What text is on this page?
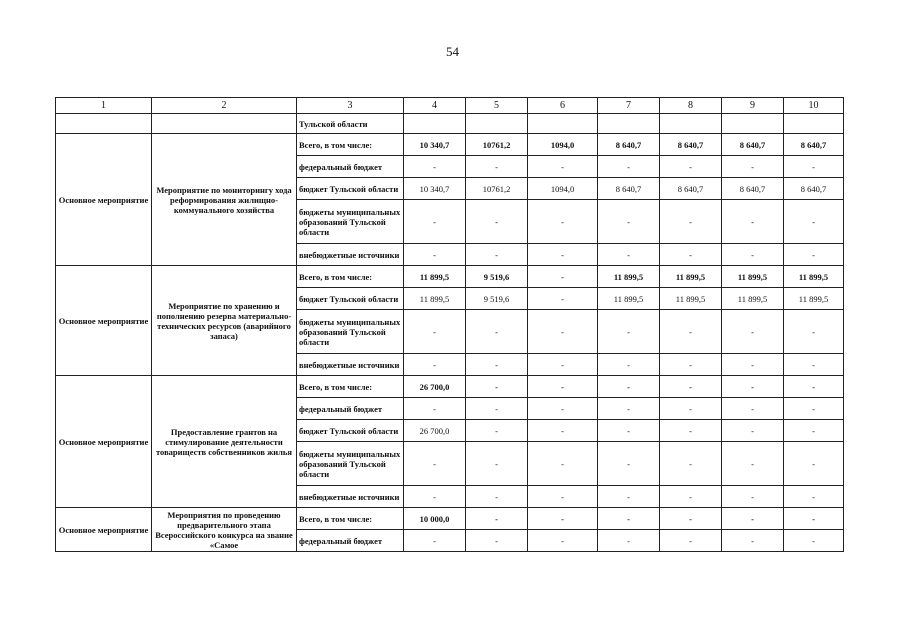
54
1	2	3	4	5	6	7	8	9	10
		Тульской области							
Основное мероприятие	Мероприятие по мониторингу хода реформирования жилищно-коммунального хозяйства	Всего, в том числе:	10 340,7	10761,2	1094,0	8 640,7	8 640,7	8 640,7	8 640,7
		федеральный бюджет	-	-	-	-	-	-	-
		бюджет Тульской области	10 340,7	10761,2	1094,0	8 640,7	8 640,7	8 640,7	8 640,7
		бюджеты муниципальных образований Тульской области	-	-	-	-	-	-	-
		внебюджетные источники	-	-	-	-	-	-	-
Основное мероприятие	Мероприятие по хранению и пополнению резерва материально-технических ресурсов (аварийного запаса)	Всего, в том числе:	11 899,5	9 519,6	-	11 899,5	11 899,5	11 899,5	11 899,5
		бюджет Тульской области	11 899,5	9 519,6	-	11 899,5	11 899,5	11 899,5	11 899,5
		бюджеты муниципальных образований Тульской области	-	-	-	-	-	-	-
		внебюджетные источники	-	-	-	-	-	-	-
Основное мероприятие	Предоставление грантов на стимулирование деятельности товариществ собственников жилья	Всего, в том числе:	26 700,0	-	-	-	-	-	-
		федеральный бюджет	-	-	-	-	-	-	-
		бюджет Тульской области	26 700,0	-	-	-	-	-	-
		бюджеты муниципальных образований Тульской области	-	-	-	-	-	-	-
		внебюджетные источники	-	-	-	-	-	-	-
Основное мероприятие	Мероприятия по проведению предварительного этапа Всероссийского конкурса на звание «Самое	Всего, в том числе:	10 000,0	-	-	-	-	-	-
		федеральный бюджет	-	-	-	-	-	-	-
